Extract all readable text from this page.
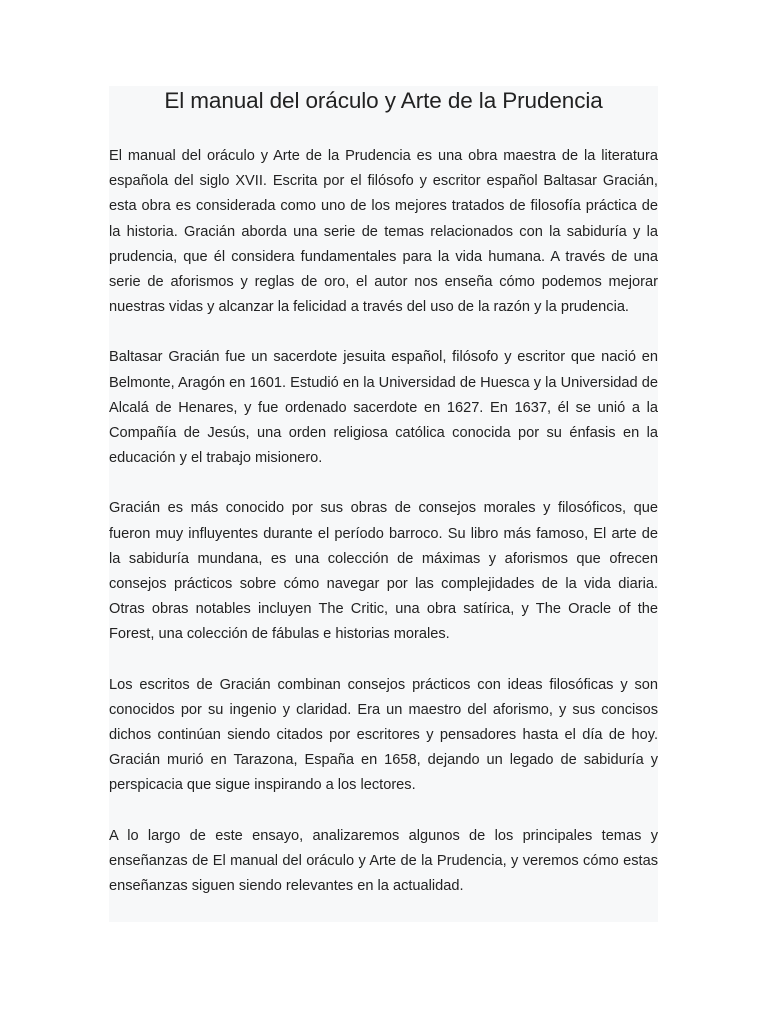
El manual del oráculo y Arte de la Prudencia

El manual del oráculo y Arte de la Prudencia es una obra maestra de la literatura española del siglo XVII. Escrita por el filósofo y escritor español Baltasar Gracián, esta obra es considerada como uno de los mejores tratados de filosofía práctica de la historia. Gracián aborda una serie de temas relacionados con la sabiduría y la prudencia, que él considera fundamentales para la vida humana. A través de una serie de aforismos y reglas de oro, el autor nos enseña cómo podemos mejorar nuestras vidas y alcanzar la felicidad a través del uso de la razón y la prudencia.

Baltasar Gracián fue un sacerdote jesuita español, filósofo y escritor que nació en Belmonte, Aragón en 1601. Estudió en la Universidad de Huesca y la Universidad de Alcalá de Henares, y fue ordenado sacerdote en 1627. En 1637, él se unió a la Compañía de Jesús, una orden religiosa católica conocida por su énfasis en la educación y el trabajo misionero.

Gracián es más conocido por sus obras de consejos morales y filosóficos, que fueron muy influyentes durante el período barroco. Su libro más famoso, El arte de la sabiduría mundana, es una colección de máximas y aforismos que ofrecen consejos prácticos sobre cómo navegar por las complejidades de la vida diaria. Otras obras notables incluyen The Critic, una obra satírica, y The Oracle of the Forest, una colección de fábulas e historias morales.

Los escritos de Gracián combinan consejos prácticos con ideas filosóficas y son conocidos por su ingenio y claridad. Era un maestro del aforismo, y sus concisos dichos continúan siendo citados por escritores y pensadores hasta el día de hoy. Gracián murió en Tarazona, España en 1658, dejando un legado de sabiduría y perspicacia que sigue inspirando a los lectores.

A lo largo de este ensayo, analizaremos algunos de los principales temas y enseñanzas de El manual del oráculo y Arte de la Prudencia, y veremos cómo estas enseñanzas siguen siendo relevantes en la actualidad.
